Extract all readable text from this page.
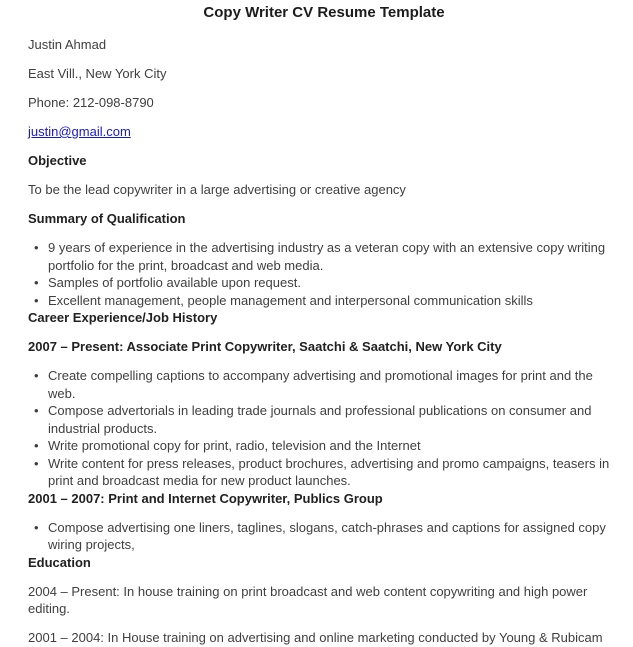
Copy Writer CV Resume Template
Justin Ahmad
East Vill., New York City
Phone: 212-098-8790
justin@gmail.com
Objective
To be the lead copywriter in a large advertising or creative agency
Summary of Qualification
• 9 years of experience in the advertising industry as a veteran copy with an extensive copy writing portfolio for the print, broadcast and web media.
• Samples of portfolio available upon request.
• Excellent management, people management and interpersonal communication skills
Career Experience/Job History
2007 – Present: Associate Print Copywriter, Saatchi & Saatchi, New York City
• Create compelling captions to accompany advertising and promotional images for print and the web.
• Compose advertorials in leading trade journals and professional publications on consumer and industrial products.
• Write promotional copy for print, radio, television and the Internet
• Write content for press releases, product brochures, advertising and promo campaigns, teasers in print and broadcast media for new product launches.
2001 – 2007: Print and Internet Copywriter, Publics Group
• Compose advertising one liners, taglines, slogans, catch-phrases and captions for assigned copy wiring projects,
Education
2004 – Present: In house training on print broadcast and web content copywriting and high power editing.
2001 – 2004: In House training on advertising and online marketing conducted by Young & Rubicam
